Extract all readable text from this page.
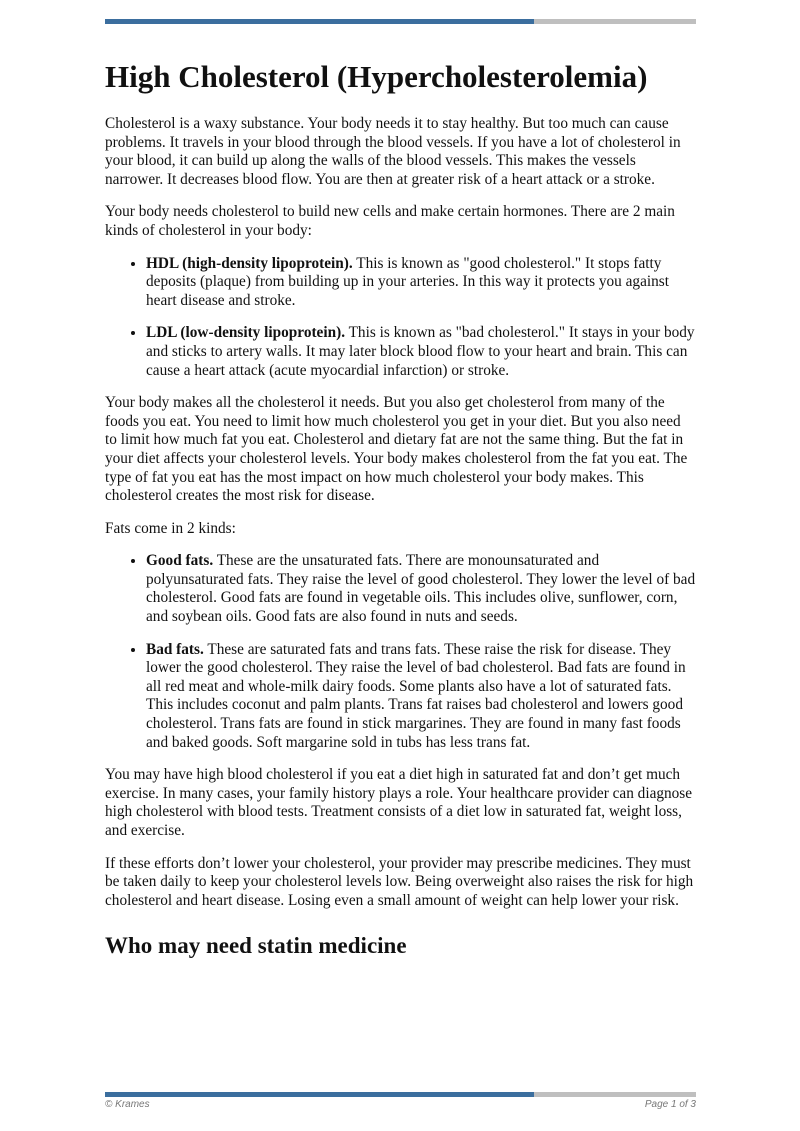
High Cholesterol (Hypercholesterolemia)

Cholesterol is a waxy substance. Your body needs it to stay healthy. But too much can cause problems. It travels in your blood through the blood vessels. If you have a lot of cholesterol in your blood, it can build up along the walls of the blood vessels. This makes the vessels narrower. It decreases blood flow. You are then at greater risk of a heart attack or a stroke.

Your body needs cholesterol to build new cells and make certain hormones. There are 2 main kinds of cholesterol in your body:

• HDL (high-density lipoprotein). This is known as "good cholesterol." It stops fatty deposits (plaque) from building up in your arteries. In this way it protects you against heart disease and stroke.
• LDL (low-density lipoprotein). This is known as "bad cholesterol." It stays in your body and sticks to artery walls. It may later block blood flow to your heart and brain. This can cause a heart attack (acute myocardial infarction) or stroke.

Your body makes all the cholesterol it needs. But you also get cholesterol from many of the foods you eat. You need to limit how much cholesterol you get in your diet. But you also need to limit how much fat you eat. Cholesterol and dietary fat are not the same thing. But the fat in your diet affects your cholesterol levels. Your body makes cholesterol from the fat you eat. The type of fat you eat has the most impact on how much cholesterol your body makes. This cholesterol creates the most risk for disease.

Fats come in 2 kinds:

• Good fats. These are the unsaturated fats. There are monounsaturated and polyunsaturated fats. They raise the level of good cholesterol. They lower the level of bad cholesterol. Good fats are found in vegetable oils. This includes olive, sunflower, corn, and soybean oils. Good fats are also found in nuts and seeds.
• Bad fats. These are saturated fats and trans fats. These raise the risk for disease. They lower the good cholesterol. They raise the level of bad cholesterol. Bad fats are found in all red meat and whole-milk dairy foods. Some plants also have a lot of saturated fats. This includes coconut and palm plants. Trans fat raises bad cholesterol and lowers good cholesterol. Trans fats are found in stick margarines. They are found in many fast foods and baked goods. Soft margarine sold in tubs has less trans fat.

You may have high blood cholesterol if you eat a diet high in saturated fat and don’t get much exercise. In many cases, your family history plays a role. Your healthcare provider can diagnose high cholesterol with blood tests. Treatment consists of a diet low in saturated fat, weight loss, and exercise.

If these efforts don’t lower your cholesterol, your provider may prescribe medicines. They must be taken daily to keep your cholesterol levels low. Being overweight also raises the risk for high cholesterol and heart disease. Losing even a small amount of weight can help lower your risk.

Who may need statin medicine
© Krames	Page 1 of 3
